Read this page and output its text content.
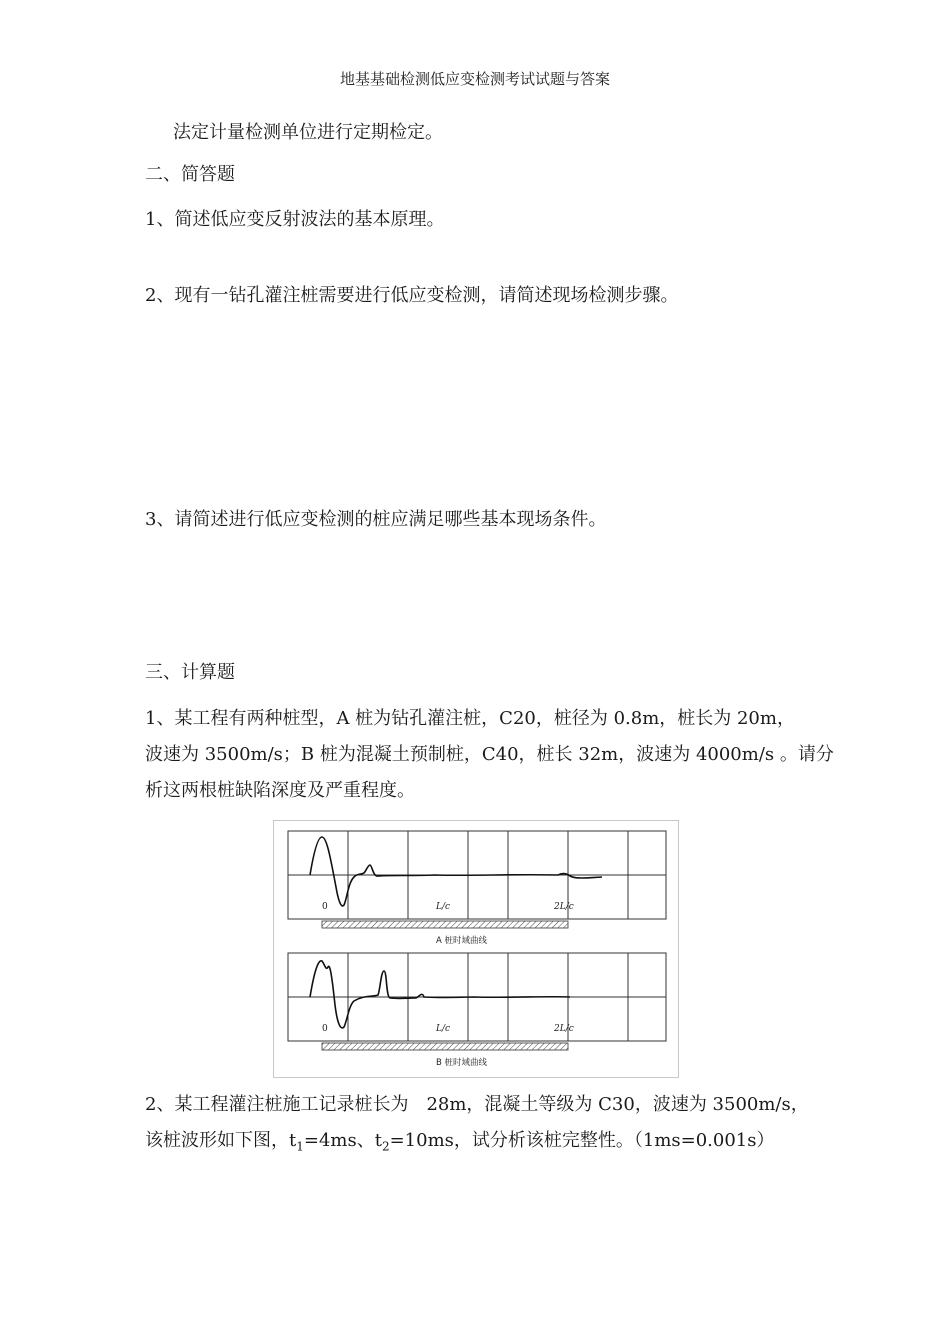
地基基础检测低应变检测考试试题与答案
法定计量检测单位进行定期检定。
二、简答题
1、简述低应变反射波法的基本原理。
2、现有一钻孔灌注桩需要进行低应变检测，请简述现场检测步骤。
3、请简述进行低应变检测的桩应满足哪些基本现场条件。
三、计算题
1、某工程有两种桩型，A 桩为钻孔灌注桩，C20，桩径为 0.8m，桩长为 20m，
波速为 3500m/s；B 桩为混凝土预制桩，C40，桩长 32m，波速为 4000m/s 。请分
析这两根桩缺陷深度及严重程度。
0	L/c	2L/c
A 桩时域曲线
0	L/c	2L/c
B 桩时域曲线
2、某工程灌注桩施工记录桩长为　28m，混凝土等级为 C30，波速为 3500m/s，
该桩波形如下图，$t_1=4ms$、$t_2=10ms$，试分析该桩完整性。（1ms=0.001s）
